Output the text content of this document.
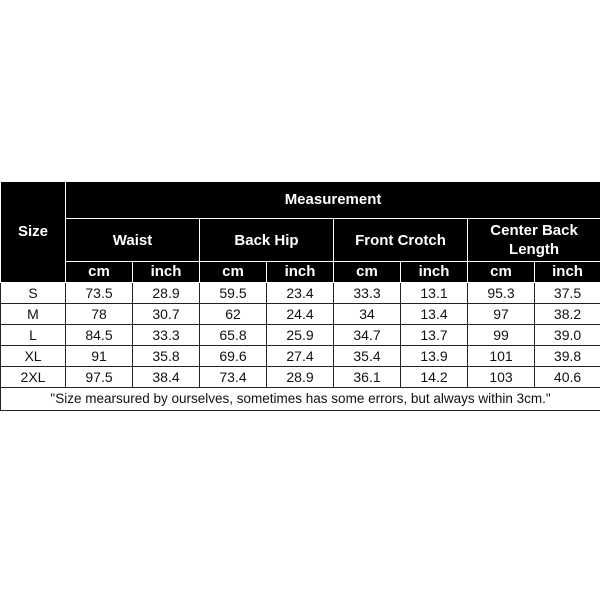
Size	Measurement							
	Waist		Back Hip		Front Crotch		Center Back Length	
	cm	inch	cm	inch	cm	inch	cm	inch
S	73.5	28.9	59.5	23.4	33.3	13.1	95.3	37.5
M	78	30.7	62	24.4	34	13.4	97	38.2
L	84.5	33.3	65.8	25.9	34.7	13.7	99	39.0
XL	91	35.8	69.6	27.4	35.4	13.9	101	39.8
2XL	97.5	38.4	73.4	28.9	36.1	14.2	103	40.6
"Size mearsured by ourselves, sometimes has some errors, but always within 3cm."								
